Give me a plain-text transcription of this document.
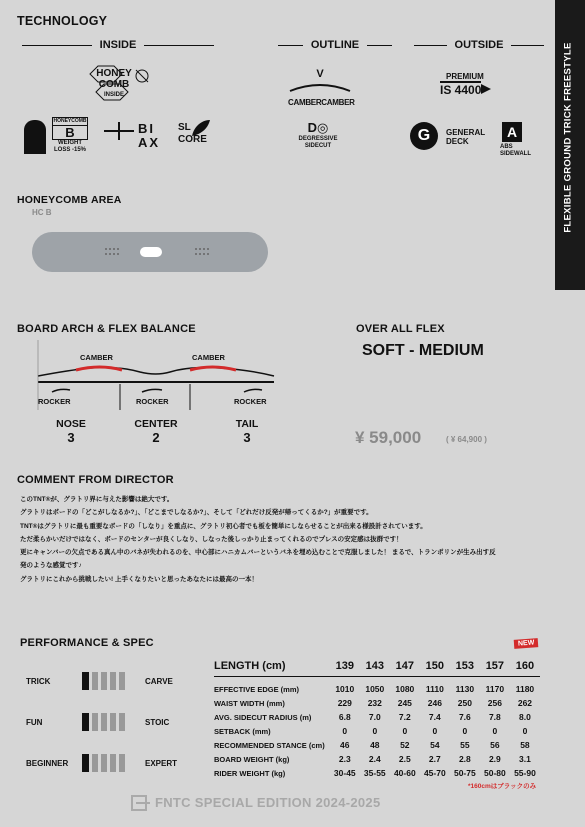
FLEXIBLE GROUND TRICK FREESTYLE
TECHNOLOGY
INSIDE	OUTLINE	OUTSIDE
HONEY
COMB
INSIDE
HONEYCOMB
B
WEIGHT
LOSS -15%
BI
AX
SL
CORE
V
CAMBERCAMBER
D◎
DEGRESSIVE
SIDECUT
PREMIUM
IS 4400
G	GENERAL
DECK
A
ABS
SIDEWALL
HONEYCOMB AREA
HC B
BOARD ARCH & FLEX BALANCE
CAMBER	CAMBER
ROCKER	ROCKER	ROCKER
NOSE
3
CENTER
2
TAIL
3
OVER ALL FLEX
SOFT - MEDIUM
¥ 59,000	( ¥ 64,900 )
COMMENT FROM DIRECTOR

このTNT®が、グラトリ界に与えた影響は絶大です。

グラトリはボードの「どこがしなるか?」、「どこまでしなるか?」、そして「どれだけ反発が帰ってくるか?」が重要です。

TNT®はグラトリに最も重要なボードの「しなり」を重点に、グラトリ初心者でも板を簡単にしならせることが出来る様設計されています。

ただ柔らかいだけではなく、ボードのセンターが良くしなり、しなった後しっかり止まってくれるのでプレスの安定感は抜群です！

更にキャンバーの欠点である真ん中のバネが失われるのを、中心部にハニカムバーというバネを埋め込むことで克服しました！ まるで、トランポリンが生み出す反

発のような感覚です♪

グラトリにこれから挑戦したい! 上手くなりたいと思ったあなたには最高の一本！

PERFORMANCE & SPEC
TRICK	CARVE
FUN	STOIC
BEGINNER	EXPERT
NEW
LENGTH (cm)	139	143	147	150	153	157	160

EFFECTIVE EDGE (mm)	1010	1050	1080	1110	1130	1170	1180
WAIST WIDTH (mm)	229	232	245	246	250	256	262
AVG. SIDECUT RADIUS (m)	6.8	7.0	7.2	7.4	7.6	7.8	8.0
SETBACK (mm)	0	0	0	0	0	0	0
RECOMMENDED STANCE (cm)	46	48	52	54	55	56	58
BOARD WEIGHT (kg)	2.3	2.4	2.5	2.7	2.8	2.9	3.1
RIDER WEIGHT (kg)	30-45	35-55	40-60	45-70	50-75	50-80	55-90
*160cmはブラックのみ
FNTC SPECIAL EDITION 2024-2025
